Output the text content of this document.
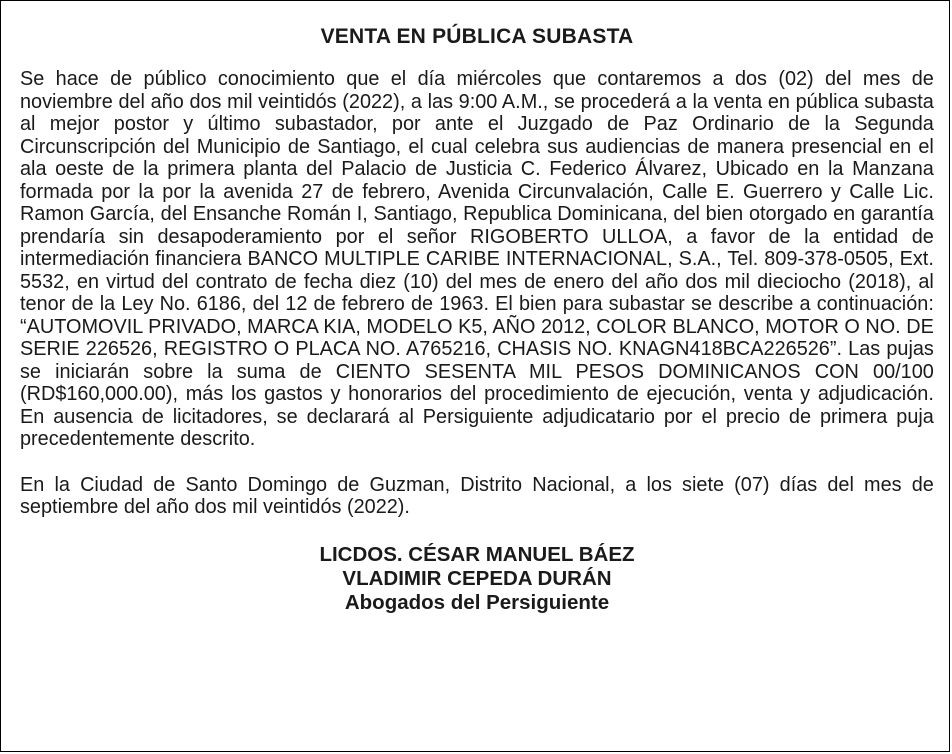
VENTA EN PÚBLICA SUBASTA

Se hace de público conocimiento que el día miércoles que contaremos a dos (02) del mes de noviembre del año dos mil veintidós (2022), a las 9:00 A.M., se procederá a la venta en pública subasta al mejor postor y último subastador, por ante el Juzgado de Paz Ordinario de la Segunda Circunscripción del Municipio de Santiago, el cual celebra sus audiencias de manera presencial en el ala oeste de la primera planta del Palacio de Justicia C. Federico Álvarez, Ubicado en la Manzana formada por la por la avenida 27 de febrero, Avenida Circunvalación, Calle E. Guerrero y Calle Lic. Ramon García, del Ensanche Román I, Santiago, Republica Dominicana, del bien otorgado en garantía prendaría sin desapoderamiento por el señor RIGOBERTO ULLOA, a favor de la entidad de intermediación financiera BANCO MULTIPLE CARIBE INTERNACIONAL, S.A., Tel. 809-378-0505, Ext. 5532, en virtud del contrato de fecha diez (10) del mes de enero del año dos mil dieciocho (2018), al tenor de la Ley No. 6186, del 12 de febrero de 1963. El bien para subastar se describe a continuación: “AUTOMOVIL PRIVADO, MARCA KIA, MODELO K5, AÑO 2012, COLOR BLANCO, MOTOR O NO. DE SERIE 226526, REGISTRO O PLACA NO. A765216, CHASIS NO. KNAGN418BCA226526”. Las pujas se iniciarán sobre la suma de CIENTO SESENTA MIL PESOS DOMINICANOS CON 00/100 (RD$160,000.00), más los gastos y honorarios del procedimiento de ejecución, venta y adjudicación. En ausencia de licitadores, se declarará al Persiguiente adjudicatario por el precio de primera puja precedentemente descrito.

En la Ciudad de Santo Domingo de Guzman, Distrito Nacional, a los siete (07) días del mes de septiembre del año dos mil veintidós (2022).

LICDOS. CÉSAR MANUEL BÁEZ
VLADIMIR CEPEDA DURÁN
Abogados del Persiguiente
